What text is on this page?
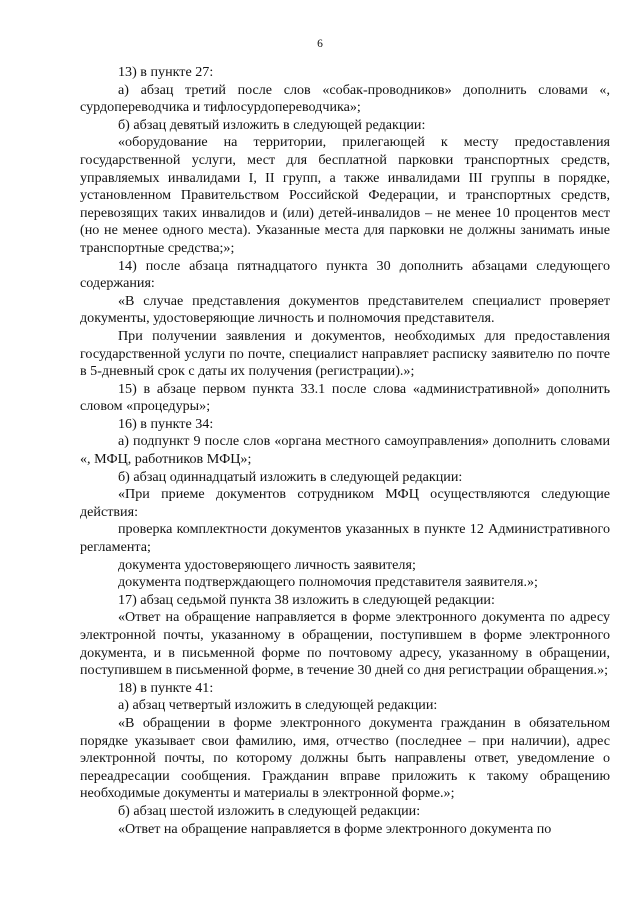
6

13) в пункте 27:

а) абзац третий после слов «собак-проводников» дополнить словами «, сурдопереводчика и тифлосурдопереводчика»;

б) абзац девятый изложить в следующей редакции:

«оборудование на территории, прилегающей к месту предоставления государственной услуги, мест для бесплатной парковки транспортных средств, управляемых инвалидами I, II групп, а также инвалидами III группы в порядке, установленном Правительством Российской Федерации, и транспортных средств, перевозящих таких инвалидов и (или) детей-инвалидов – не менее 10 процентов мест (но не менее одного места). Указанные места для парковки не должны занимать иные транспортные средства;»;

14) после абзаца пятнадцатого пункта 30 дополнить абзацами следующего содержания:

«В случае представления документов представителем специалист проверяет документы, удостоверяющие личность и полномочия представителя.

При получении заявления и документов, необходимых для предоставления государственной услуги по почте, специалист направляет расписку заявителю по почте в 5-дневный срок с даты их получения (регистрации).»;

15) в абзаце первом пункта 33.1 после слова «административной» дополнить словом «процедуры»;

16) в пункте 34:

а) подпункт 9 после слов «органа местного самоуправления» дополнить словами «, МФЦ, работников МФЦ»;

б) абзац одиннадцатый изложить в следующей редакции:

«При приеме документов сотрудником МФЦ осуществляются следующие действия:

проверка комплектности документов указанных в пункте 12 Административного регламента;

документа удостоверяющего личность заявителя;

документа подтверждающего полномочия представителя заявителя.»;

17) абзац седьмой пункта 38 изложить в следующей редакции:

«Ответ на обращение направляется в форме электронного документа по адресу электронной почты, указанному в обращении, поступившем в форме электронного документа, и в письменной форме по почтовому адресу, указанному в обращении, поступившем в письменной форме, в течение 30 дней со дня регистрации обращения.»;

18) в пункте 41:

а) абзац четвертый изложить в следующей редакции:

«В обращении в форме электронного документа гражданин в обязательном порядке указывает свои фамилию, имя, отчество (последнее – при наличии), адрес электронной почты, по которому должны быть направлены ответ, уведомление о переадресации сообщения. Гражданин вправе приложить к такому обращению необходимые документы и материалы в электронной форме.»;

б) абзац шестой изложить в следующей редакции:

«Ответ на обращение направляется в форме электронного документа по
